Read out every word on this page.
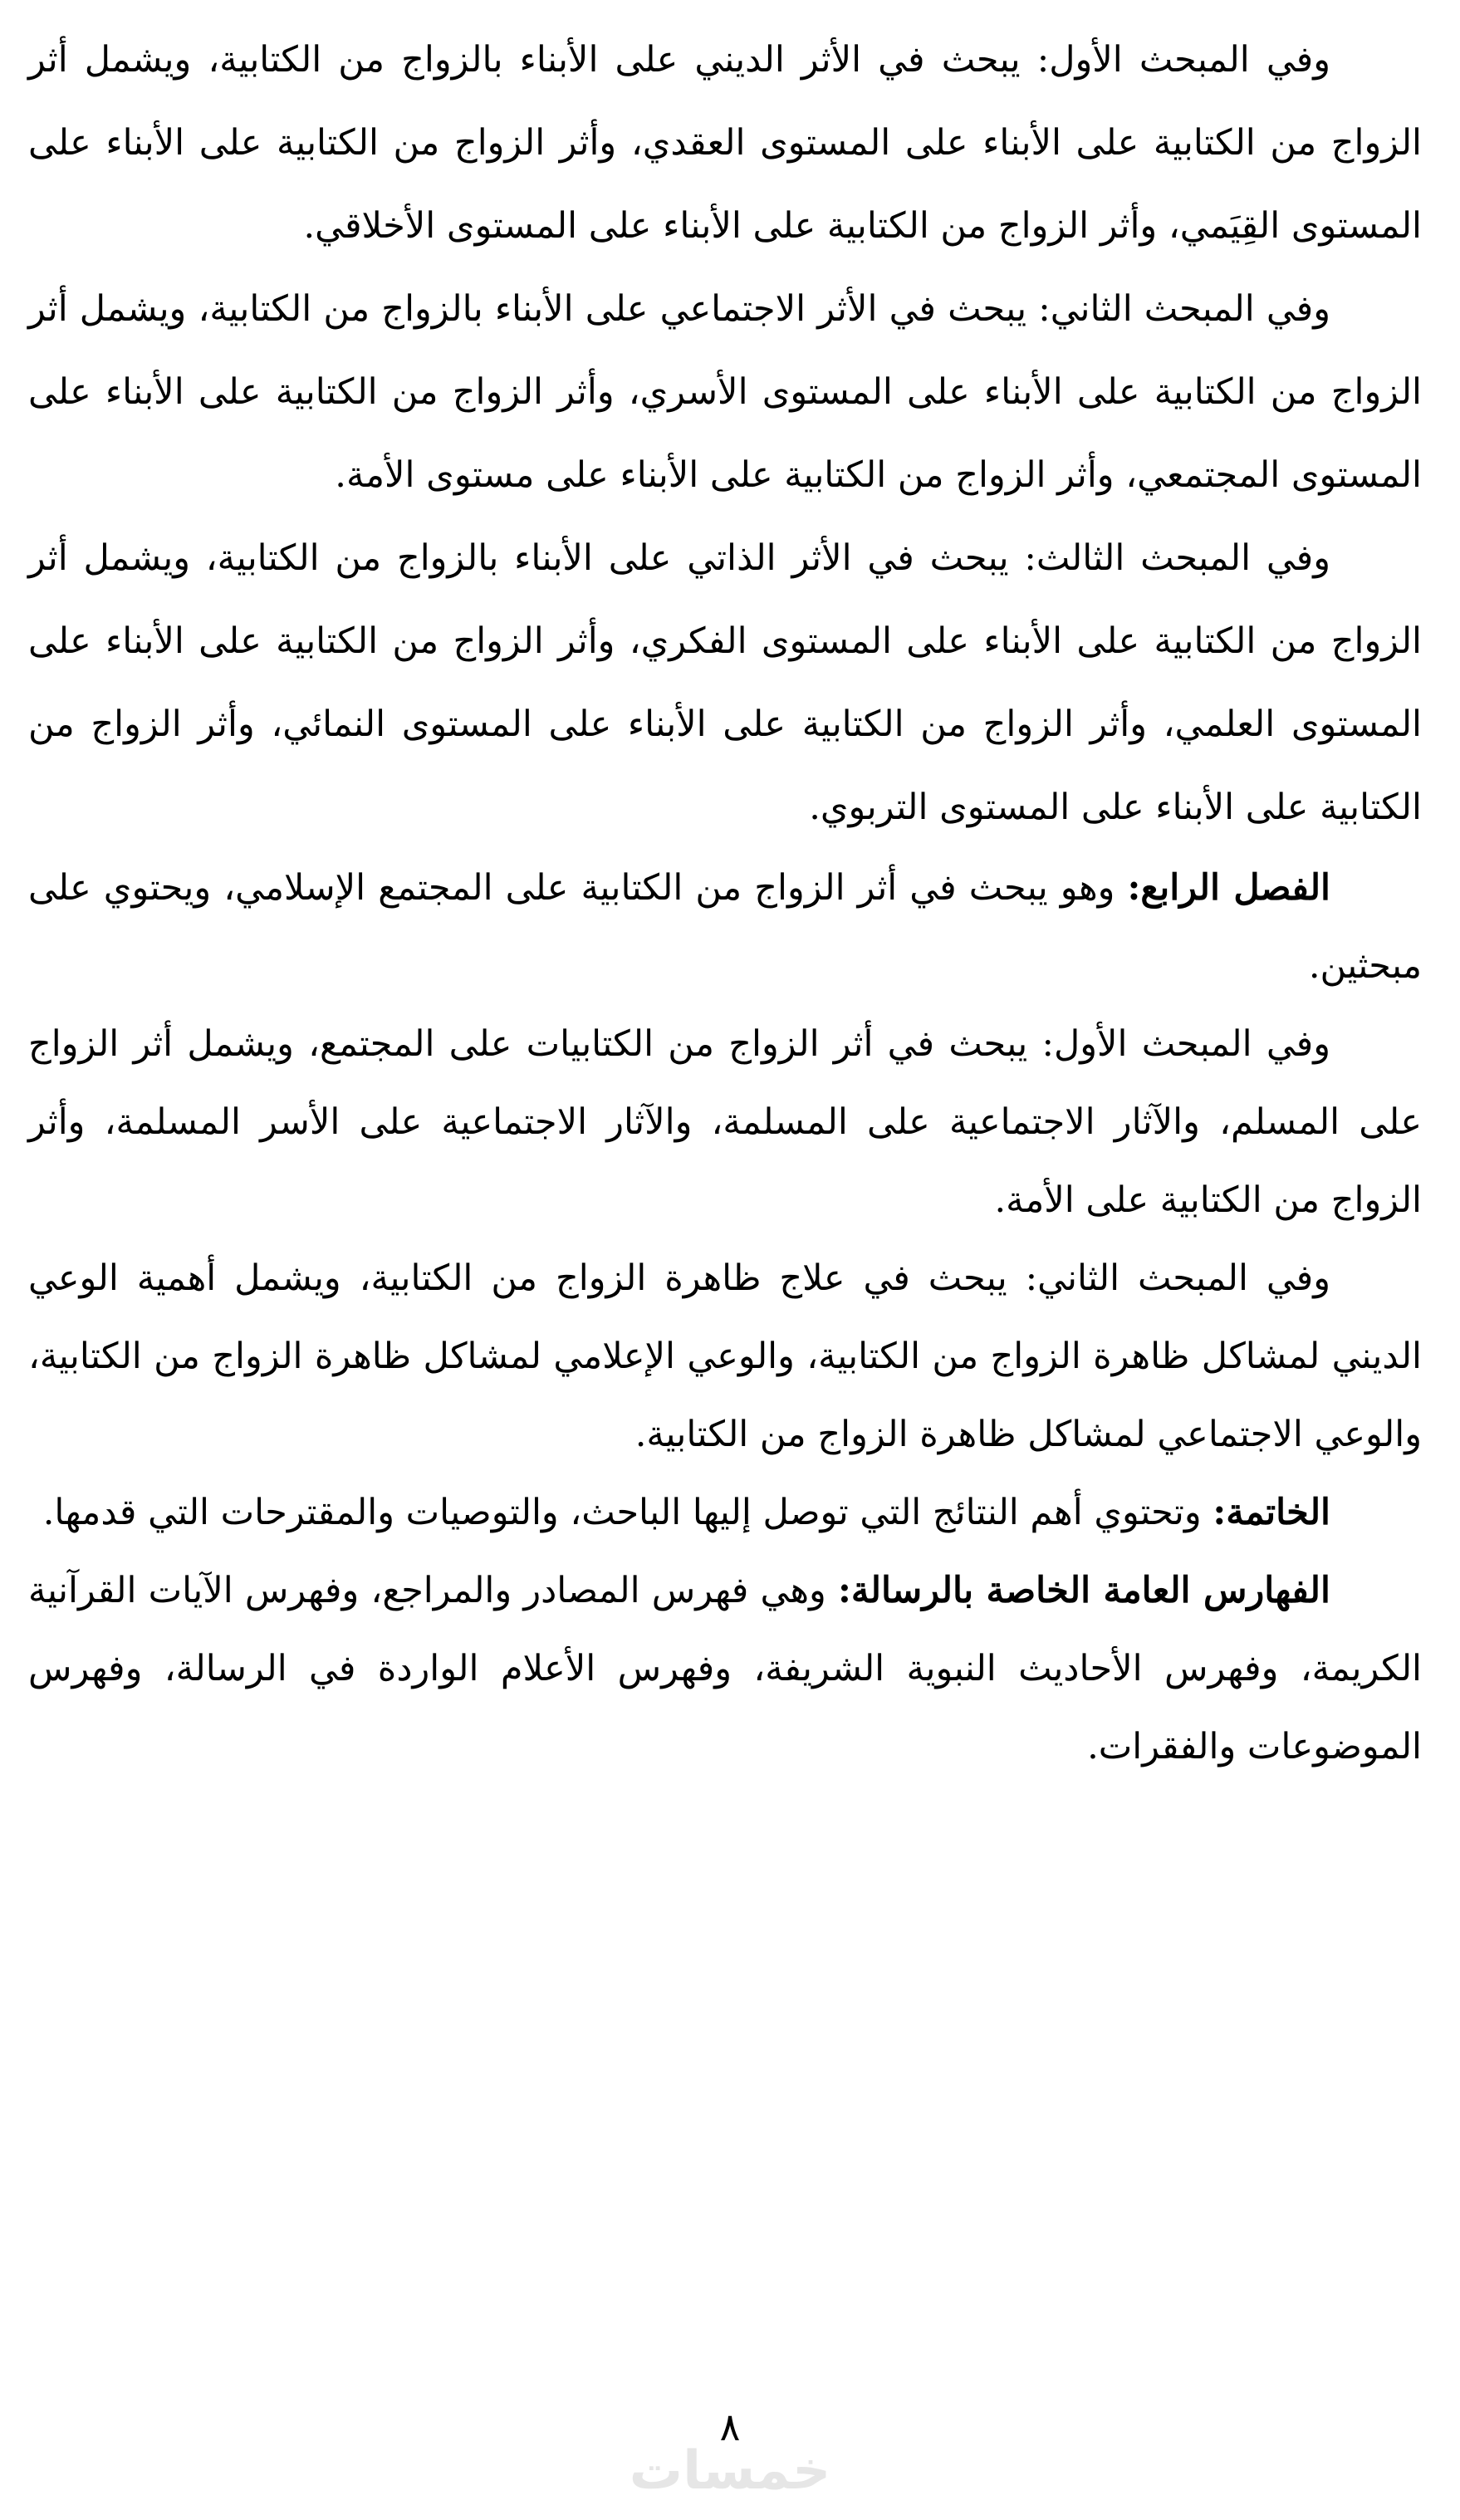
وفي المبحث الأول: يبحث في الأثر الديني على الأبناء بالزواج من الكتابية، ويشمل أثر الزواج من الكتابية على الأبناء على المستوى العقدي، وأثر الزواج من الكتابية على الأبناء على المستوى القِيَمي، وأثر الزواج من الكتابية على الأبناء على المستوى الأخلاقي.

وفي المبحث الثاني: يبحث في الأثر الاجتماعي على الأبناء بالزواج من الكتابية، ويشمل أثر الزواج من الكتابية على الأبناء على المستوى الأسري، وأثر الزواج من الكتابية على الأبناء على المستوى المجتمعي، وأثر الزواج من الكتابية على الأبناء على مستوى الأمة.

وفي المبحث الثالث: يبحث في الأثر الذاتي على الأبناء بالزواج من الكتابية، ويشمل أثر الزواج من الكتابية على الأبناء على المستوى الفكري، وأثر الزواج من الكتابية على الأبناء على المستوى العلمي، وأثر الزواج من الكتابية على الأبناء على المستوى النمائي، وأثر الزواج من الكتابية على الأبناء على المستوى التربوي.

الفصل الرابع: وهو يبحث في أثر الزواج من الكتابية على المجتمع الإسلامي، ويحتوي على مبحثين.

وفي المبحث الأول: يبحث في أثر الزواج من الكتابيات على المجتمع، ويشمل أثر الزواج على المسلم، والآثار الاجتماعية على المسلمة، والآثار الاجتماعية على الأسر المسلمة، وأثر الزواج من الكتابية على الأمة.

وفي المبحث الثاني: يبحث في علاج ظاهرة الزواج من الكتابية، ويشمل أهمية الوعي الديني لمشاكل ظاهرة الزواج من الكتابية، والوعي الإعلامي لمشاكل ظاهرة الزواج من الكتابية، والوعي الاجتماعي لمشاكل ظاهرة الزواج من الكتابية.

الخاتمة: وتحتوي أهم النتائج التي توصل إليها الباحث، والتوصيات والمقترحات التي قدمها.

الفهارس العامة الخاصة بالرسالة: وهي فهرس المصادر والمراجع، وفهرس الآيات القرآنية الكريمة، وفهرس الأحاديث النبوية الشريفة، وفهرس الأعلام الواردة في الرسالة، وفهرس الموضوعات والفقرات.

٨
خمسات
